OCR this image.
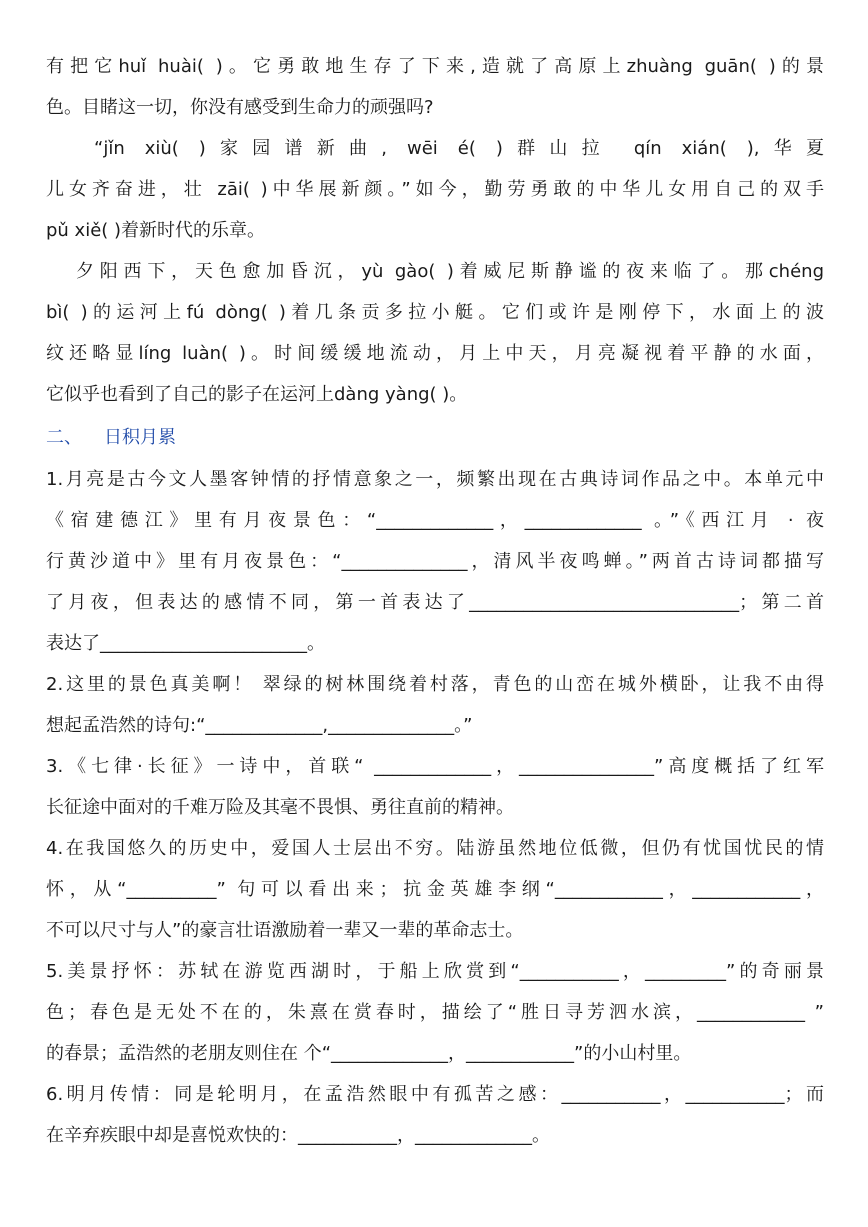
有把它huǐ huài( )。它勇敢地生存了下来,造就了高原上zhuàng guān( )的景
色。目睹这一切，你没有感受到生命力的顽强吗?
“jǐn xiù( )家园谱新曲, wēi é( )群山拉 qín xián( ),华夏
儿女齐奋进，壮 zāi( )中华展新颜。”如今，勤劳勇敢的中华儿女用自己的双手
pǔ xiě( )着新时代的乐章。
夕阳西下，天色愈加昏沉，yù gào( )着威尼斯静谧的夜来临了。那chéng
bì( )的运河上fú dòng( )着几条贡多拉小艇。它们或许是刚停下，水面上的波
纹还略显líng luàn( )。时间缓缓地流动，月上中天，月亮凝视着平静的水面，
它似乎也看到了自己的影子在运河上dàng yàng( )。
二、 日积月累
1.月亮是古今文人墨客钟情的抒情意象之一，频繁出现在古典诗词作品之中。本单元中
《宿建德江》里有月夜景色：“_____________，_____________ 。”《西江月 · 夜
行黄沙道中》里有月夜景色：“______________，清风半夜鸣蝉。”两首古诗词都描写
了月夜，但表达的感情不同，第一首表达了______________________________；第二首
表达了_______________________。
2.这里的景色真美啊！ 翠绿的树林围绕着村落，青色的山峦在城外横卧，让我不由得
想起孟浩然的诗句:“_____________,______________。”
3.《七律·长征》一诗中，首联“ _____________，_______________”高度概括了红军
长征途中面对的千难万险及其毫不畏惧、勇往直前的精神。
4.在我国悠久的历史中，爱国人士层出不穷。陆游虽然地位低微，但仍有忧国忧民的情
怀，从“__________” 句可以看出来；抗金英雄李纲“____________，____________，
不可以尺寸与人”的豪言壮语激励着一辈又一辈的革命志士。
5.美景抒怀：苏轼在游览西湖时，于船上欣赏到“___________，_________”的奇丽景
色；春色是无处不在的，朱熹在赏春时，描绘了“胜日寻芳泗水滨，____________ ”
的春景；孟浩然的老朋友则住在 个“_____________，____________”的小山村里。
6.明月传情：同是轮明月，在孟浩然眼中有孤苦之感：___________，___________；而
在辛弃疾眼中却是喜悦欢快的：___________，_____________。
